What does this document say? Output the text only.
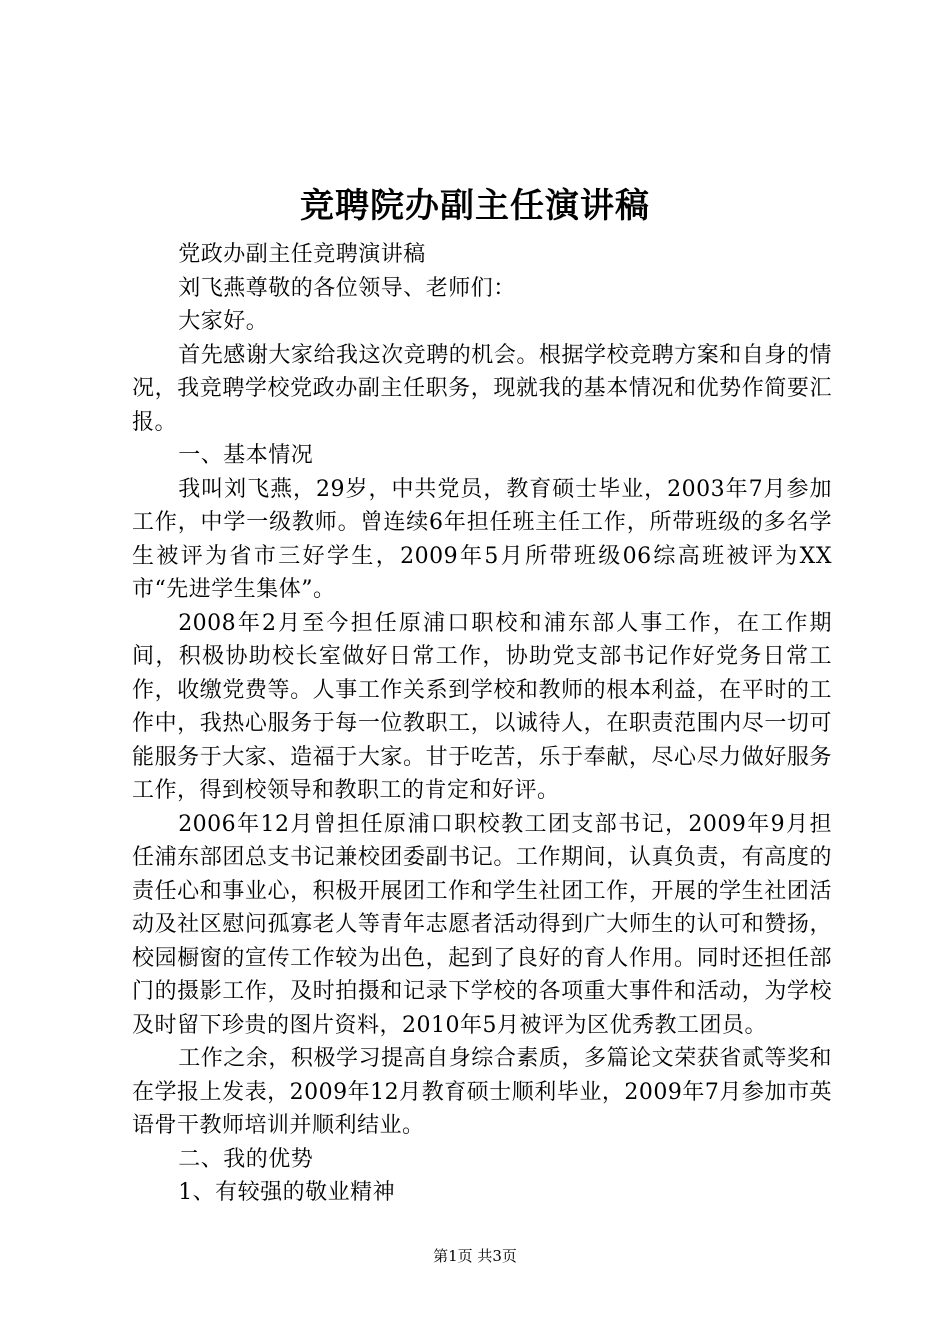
竞聘院办副主任演讲稿

党政办副主任竞聘演讲稿

刘飞燕尊敬的各位领导、老师们：

大家好。

首先感谢大家给我这次竞聘的机会。根据学校竞聘方案和自身的情况，我竞聘学校党政办副主任职务，现就我的基本情况和优势作简要汇报。

一、基本情况

我叫刘飞燕，29岁，中共党员，教育硕士毕业，2003年7月参加工作，中学一级教师。曾连续6年担任班主任工作，所带班级的多名学生被评为省市三好学生，2009年5月所带班级06综高班被评为XX市“先进学生集体”。

2008年2月至今担任原浦口职校和浦东部人事工作，在工作期间，积极协助校长室做好日常工作，协助党支部书记作好党务日常工作，收缴党费等。人事工作关系到学校和教师的根本利益，在平时的工作中，我热心服务于每一位教职工，以诚待人，在职责范围内尽一切可能服务于大家、造福于大家。甘于吃苦，乐于奉献，尽心尽力做好服务工作，得到校领导和教职工的肯定和好评。

2006年12月曾担任原浦口职校教工团支部书记，2009年9月担任浦东部团总支书记兼校团委副书记。工作期间，认真负责，有高度的责任心和事业心，积极开展团工作和学生社团工作，开展的学生社团活动及社区慰问孤寡老人等青年志愿者活动得到广大师生的认可和赞扬，校园橱窗的宣传工作较为出色，起到了良好的育人作用。同时还担任部门的摄影工作，及时拍摄和记录下学校的各项重大事件和活动，为学校及时留下珍贵的图片资料，2010年5月被评为区优秀教工团员。

工作之余，积极学习提高自身综合素质，多篇论文荣获省贰等奖和在学报上发表，2009年12月教育硕士顺利毕业，2009年7月参加市英语骨干教师培训并顺利结业。

二、我的优势

1、有较强的敬业精神

第1页 共3页
